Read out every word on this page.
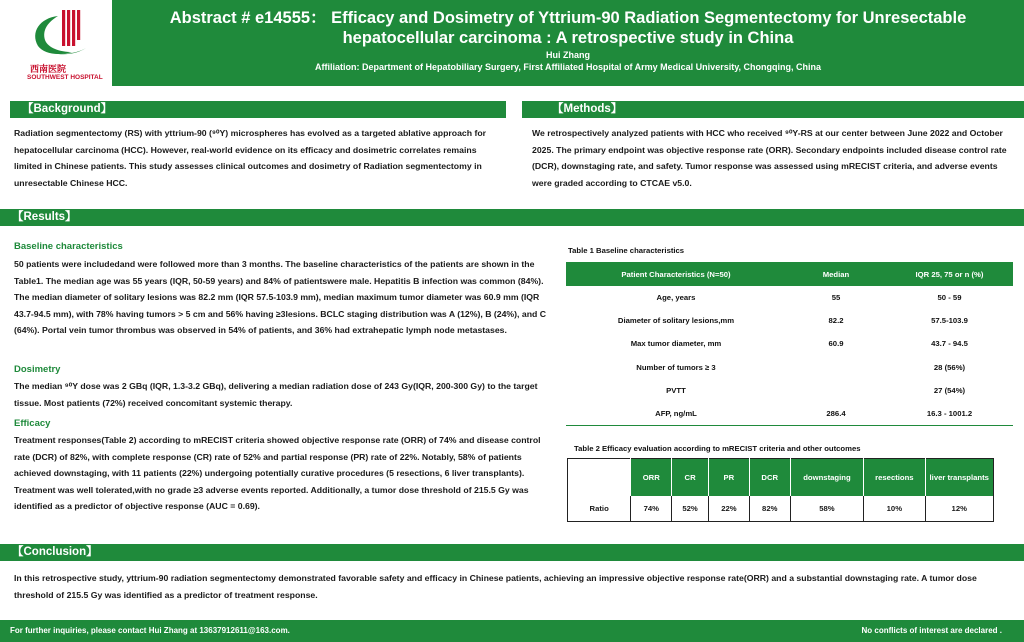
西南医院
SOUTHWEST HOSPITAL
Abstract # e14555： Efficacy and Dosimetry of Yttrium-90 Radiation Segmentectomy for Unresectable
hepatocellular carcinoma : A retrospective study in China
Hui Zhang
Affiliation: Department of Hepatobiliary Surgery, First Affiliated Hospital of Army Medical University, Chongqing, China
【Background】
Radiation segmentectomy (RS) with yttrium-90 (⁹⁰Y) microspheres has evolved as a targeted ablative approach for hepatocellular carcinoma (HCC). However, real-world evidence on its efficacy and dosimetric correlates remains limited in Chinese patients. This study assesses clinical outcomes and dosimetry of Radiation segmentectomy in unresectable Chinese HCC.
【Methods】
We retrospectively analyzed patients with HCC who received ⁹⁰Y-RS at our center between June 2022 and October 2025. The primary endpoint was objective response rate (ORR). Secondary endpoints included disease control rate (DCR), downstaging rate, and safety. Tumor response was assessed using mRECIST criteria, and adverse events were graded according to CTCAE v5.0.
【Results】
Baseline characteristics
50 patients were includedand were followed more than 3 months. The baseline characteristics of the patients are shown in the Table1. The median age was 55 years (IQR, 50-59 years) and 84% of patientswere male. Hepatitis B infection was common (84%). The median diameter of solitary lesions was 82.2 mm (IQR 57.5-103.9 mm), median maximum tumor diameter was 60.9 mm (IQR 43.7-94.5 mm), with 78% having tumors > 5 cm and 56% having ≥3lesions. BCLC staging distribution was A (12%), B (24%), and C (64%). Portal vein tumor thrombus was observed in 54% of patients, and 36% had extrahepatic lymph node metastases.
Dosimetry
The median ⁹⁰Y dose was 2 GBq (IQR, 1.3-3.2 GBq), delivering a median radiation dose of 243 Gy(IQR, 200-300 Gy) to the target tissue. Most patients (72%) received concomitant systemic therapy.
Efficacy
Treatment responses(Table 2) according to mRECIST criteria showed objective response rate (ORR) of 74% and disease control rate (DCR) of 82%, with complete response (CR) rate of 52% and partial response (PR) rate of 22%. Notably, 58% of patients achieved downstaging, with 11 patients (22%) undergoing potentially curative procedures (5 resections, 6 liver transplants). Treatment was well tolerated,with no grade ≥3 adverse events reported. Additionally, a tumor dose threshold of 215.5 Gy was identified as a predictor of objective response (AUC = 0.69).
Table 1 Baseline characteristics
Patient Characteristics (N=50)	Median	IQR 25, 75 or n (%)
Age, years	55	50 - 59
Diameter of solitary lesions,mm	82.2	57.5-103.9
Max tumor diameter, mm	60.9	43.7 - 94.5
Number of tumors ≥ 3		28 (56%)
PVTT		27 (54%)
AFP, ng/mL	286.4	16.3 - 1001.2
Table 2 Efficacy evaluation according to mRECIST criteria and other outcomes
	ORR	CR	PR	DCR	downstaging	resections	liver transplants
Ratio	74%	52%	22%	82%	58%	10%	12%
【Conclusion】
In this retrospective study, yttrium-90 radiation segmentectomy demonstrated favorable safety and efficacy in Chinese patients, achieving an impressive objective response rate(ORR) and a substantial downstaging rate. A tumor dose threshold of 215.5 Gy was identified as a predictor of treatment response.
For further inquiries, please contact Hui Zhang at 13637912611@163.com.	No conflicts of interest are declared .
